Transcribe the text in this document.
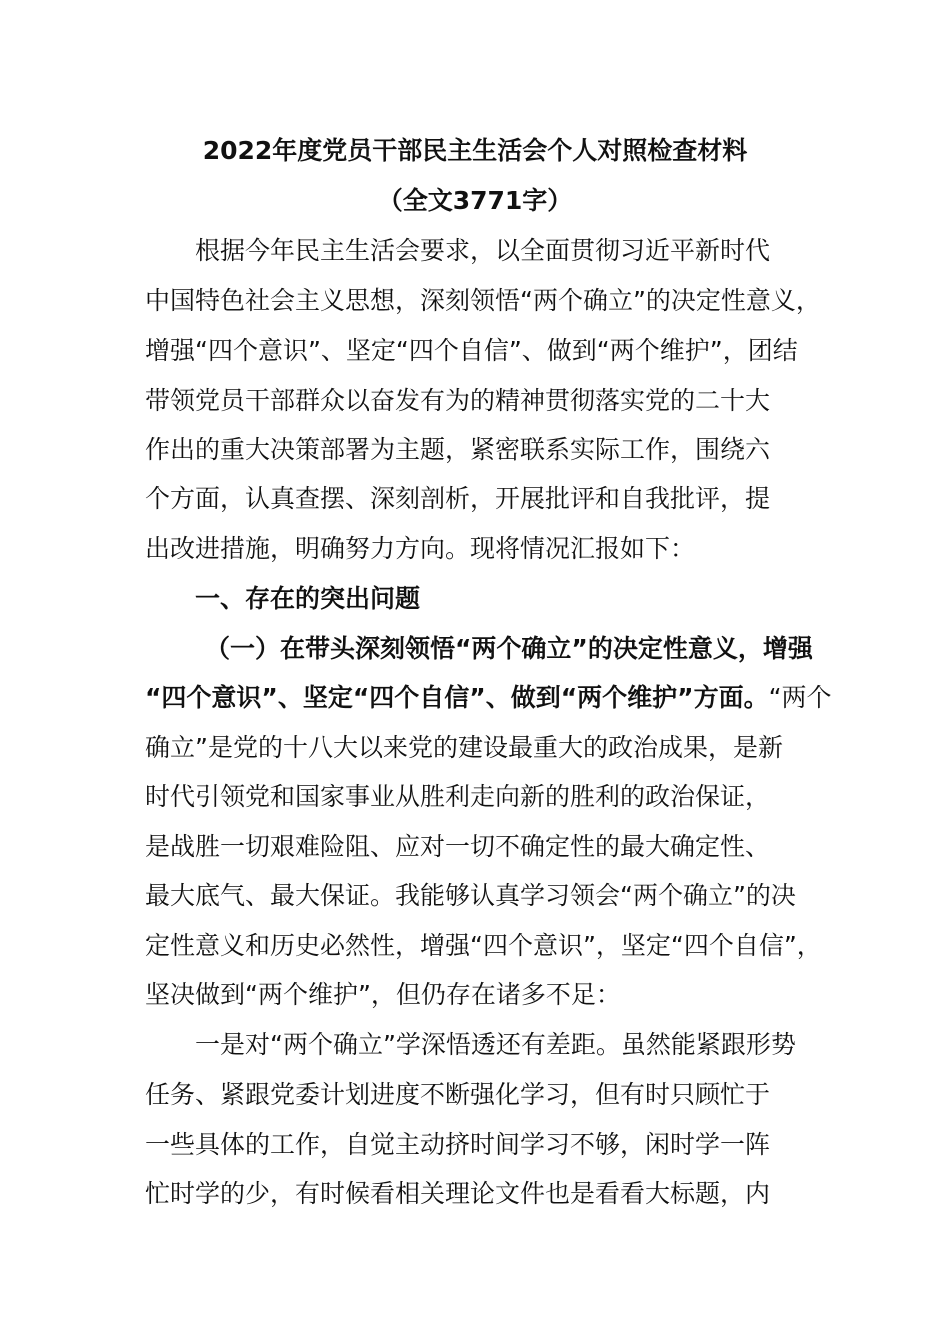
2022年度党员干部民主生活会个人对照检查材料
（全文3771字）
根据今年民主生活会要求，以全面贯彻习近平新时代
中国特色社会主义思想，深刻领悟“两个确立”的决定性意义，
增强“四个意识”、坚定“四个自信”、做到“两个维护”，团结
带领党员干部群众以奋发有为的精神贯彻落实党的二十大
作出的重大决策部署为主题，紧密联系实际工作，围绕六
个方面，认真查摆、深刻剖析，开展批评和自我批评，提
出改进措施，明确努力方向。现将情况汇报如下：
一、存在的突出问题
（一）在带头深刻领悟“两个确立”的决定性意义，增强
“四个意识”、坚定“四个自信”、做到“两个维护”方面。“两个
确立”是党的十八大以来党的建设最重大的政治成果，是新
时代引领党和国家事业从胜利走向新的胜利的政治保证，
是战胜一切艰难险阻、应对一切不确定性的最大确定性、
最大底气、最大保证。我能够认真学习领会“两个确立”的决
定性意义和历史必然性，增强“四个意识”，坚定“四个自信”，
坚决做到“两个维护”，但仍存在诸多不足：
一是对“两个确立”学深悟透还有差距。虽然能紧跟形势
任务、紧跟党委计划进度不断强化学习，但有时只顾忙于
一些具体的工作，自觉主动挤时间学习不够，闲时学一阵
忙时学的少，有时候看相关理论文件也是看看大标题，内
